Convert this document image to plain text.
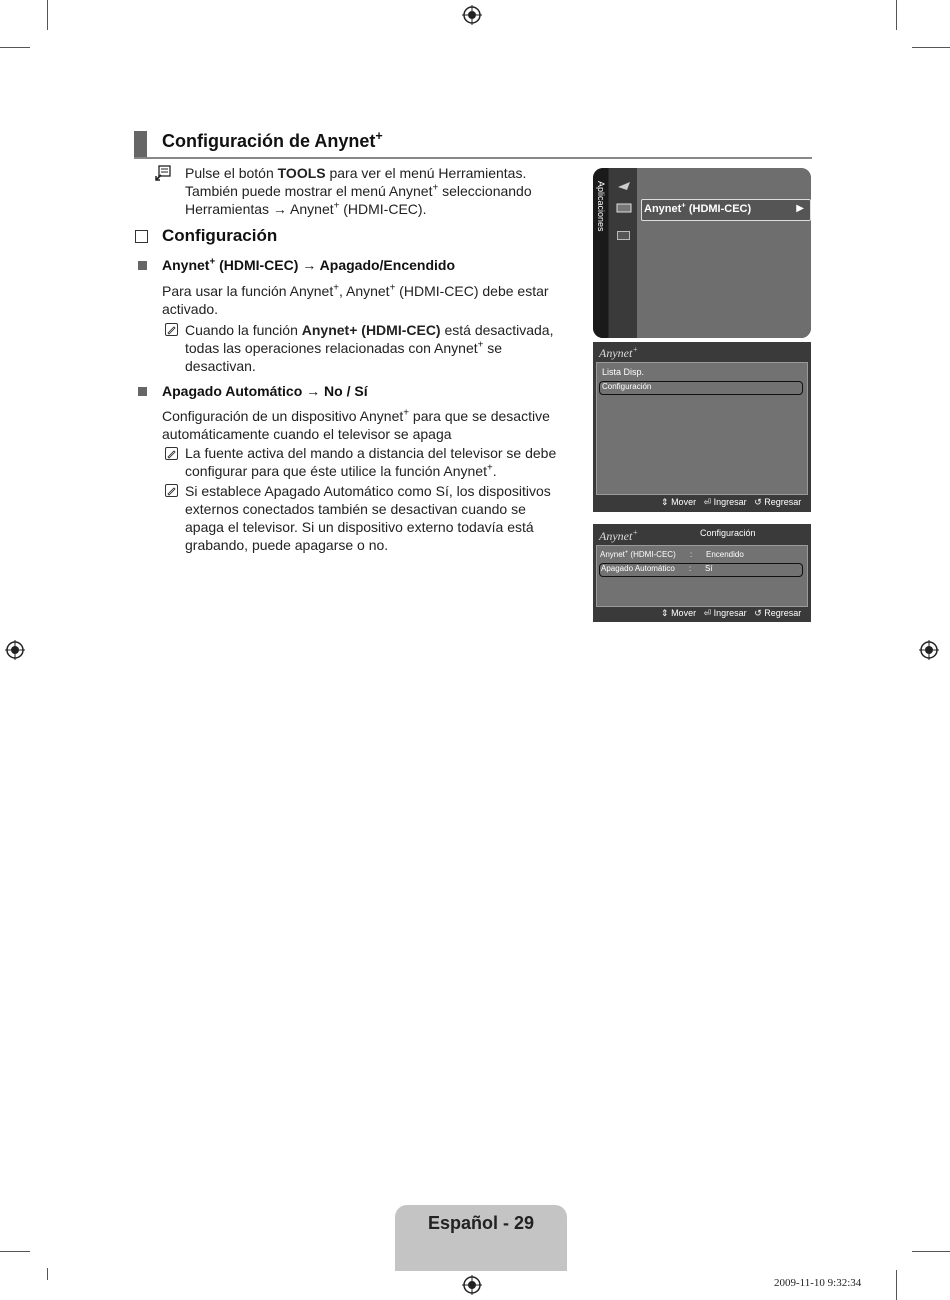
Configuración de Anynet+
Pulse el botón TOOLS para ver el menú Herramientas.
También puede mostrar el menú Anynet+ seleccionando
Herramientas → Anynet+ (HDMI-CEC).
Configuración
Anynet+ (HDMI-CEC) → Apagado/Encendido
Para usar la función Anynet+, Anynet+ (HDMI-CEC) debe estar
activado.
Cuando la función Anynet+ (HDMI-CEC) está desactivada,
todas las operaciones relacionadas con Anynet+ se
desactivan.
Apagado Automático → No / Sí
Configuración de un dispositivo Anynet+ para que se desactive
automáticamente cuando el televisor se apaga
La fuente activa del mando a distancia del televisor se debe
configurar para que éste utilice la función Anynet+.
Si establece Apagado Automático como Sí, los dispositivos
externos conectados también se desactivan cuando se
apaga el televisor. Si un dispositivo externo todavía está
grabando, puede apagarse o no.
Aplicaciones	Anynet+ (HDMI-CEC)	▶
Anynet+
Lista Disp.
Configuración
⇕ Mover ⏎ Ingresar ↺ Regresar
Anynet+	Configuración
Anynet+ (HDMI-CEC) : Encendido
Apagado Automático : Sí
⇕ Mover ⏎ Ingresar ↺ Regresar
Español - 29
2009-11-10 9:32:34
